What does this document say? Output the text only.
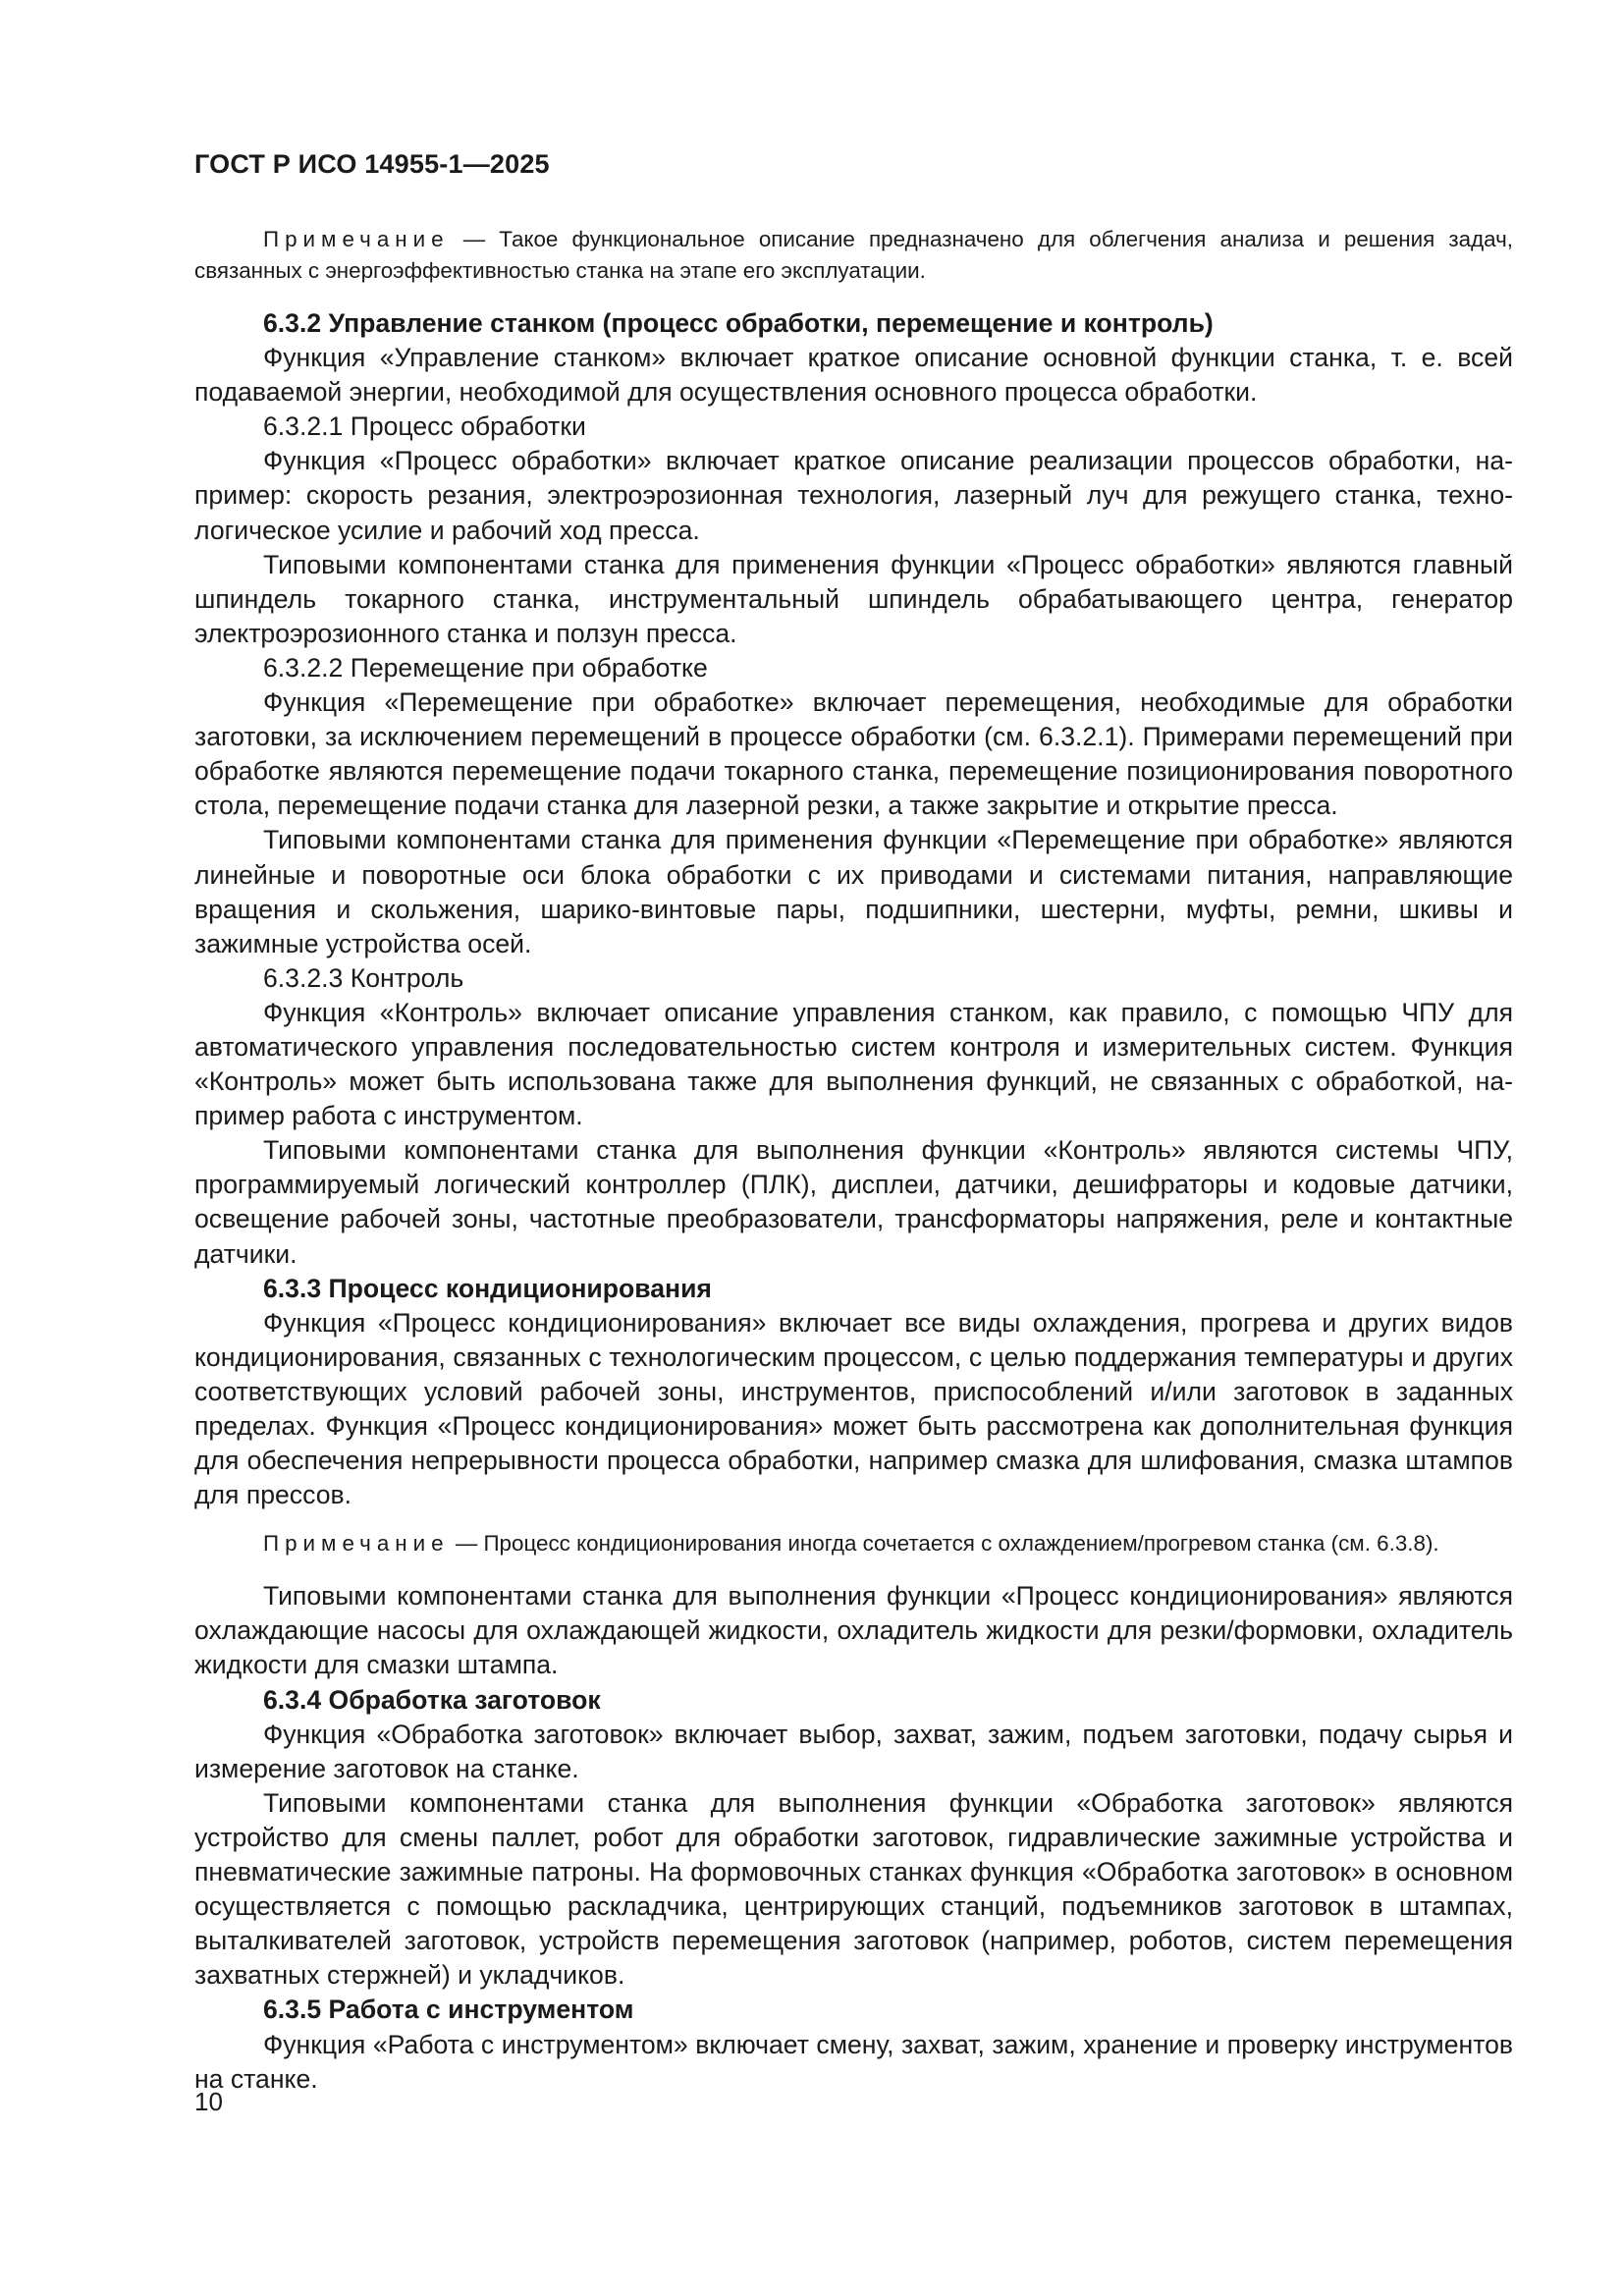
ГОСТ Р ИСО 14955-1—2025

Примечание — Такое функциональное описание предназначено для облегчения анализа и решения задач, связанных с энергоэффективностью станка на этапе его эксплуатации.

6.3.2 Управление станком (процесс обработки, перемещение и контроль)

Функция «Управление станком» включает краткое описание основной функции станка, т. е. всей подаваемой энергии, необходимой для осуществления основного процесса обработки.

6.3.2.1 Процесс обработки

Функция «Процесс обработки» включает краткое описание реализации процессов обработки, например: скорость резания, электроэрозионная технология, лазерный луч для режущего станка, технологическое усилие и рабочий ход пресса.

Типовыми компонентами станка для применения функции «Процесс обработки» являются главный шпиндель токарного станка, инструментальный шпиндель обрабатывающего центра, генератор электроэрозионного станка и ползун пресса.

6.3.2.2 Перемещение при обработке

Функция «Перемещение при обработке» включает перемещения, необходимые для обработки заготовки, за исключением перемещений в процессе обработки (см. 6.3.2.1). Примерами перемещений при обработке являются перемещение подачи токарного станка, перемещение позиционирования поворотного стола, перемещение подачи станка для лазерной резки, а также закрытие и открытие пресса.

Типовыми компонентами станка для применения функции «Перемещение при обработке» являются линейные и поворотные оси блока обработки с их приводами и системами питания, направляющие вращения и скольжения, шарико-винтовые пары, подшипники, шестерни, муфты, ремни, шкивы и зажимные устройства осей.

6.3.2.3 Контроль

Функция «Контроль» включает описание управления станком, как правило, с помощью ЧПУ для автоматического управления последовательностью систем контроля и измерительных систем. Функция «Контроль» может быть использована также для выполнения функций, не связанных с обработкой, например работа с инструментом.

Типовыми компонентами станка для выполнения функции «Контроль» являются системы ЧПУ, программируемый логический контроллер (ПЛК), дисплеи, датчики, дешифраторы и кодовые датчики, освещение рабочей зоны, частотные преобразователи, трансформаторы напряжения, реле и контактные датчики.

6.3.3 Процесс кондиционирования

Функция «Процесс кондиционирования» включает все виды охлаждения, прогрева и других видов кондиционирования, связанных с технологическим процессом, с целью поддержания температуры и других соответствующих условий рабочей зоны, инструментов, приспособлений и/или заготовок в заданных пределах. Функция «Процесс кондиционирования» может быть рассмотрена как дополнительная функция для обеспечения непрерывности процесса обработки, например смазка для шлифования, смазка штампов для прессов.

Примечание — Процесс кондиционирования иногда сочетается с охлаждением/прогревом станка (см. 6.3.8).

Типовыми компонентами станка для выполнения функции «Процесс кондиционирования» являются охлаждающие насосы для охлаждающей жидкости, охладитель жидкости для резки/формовки, охладитель жидкости для смазки штампа.

6.3.4 Обработка заготовок

Функция «Обработка заготовок» включает выбор, захват, зажим, подъем заготовки, подачу сырья и измерение заготовок на станке.

Типовыми компонентами станка для выполнения функции «Обработка заготовок» являются устройство для смены паллет, робот для обработки заготовок, гидравлические зажимные устройства и пневматические зажимные патроны. На формовочных станках функция «Обработка заготовок» в основном осуществляется с помощью раскладчика, центрирующих станций, подъемников заготовок в штампах, выталкивателей заготовок, устройств перемещения заготовок (например, роботов, систем перемещения захватных стержней) и укладчиков.

6.3.5 Работа с инструментом

Функция «Работа с инструментом» включает смену, захват, зажим, хранение и проверку инструментов на станке.

10
